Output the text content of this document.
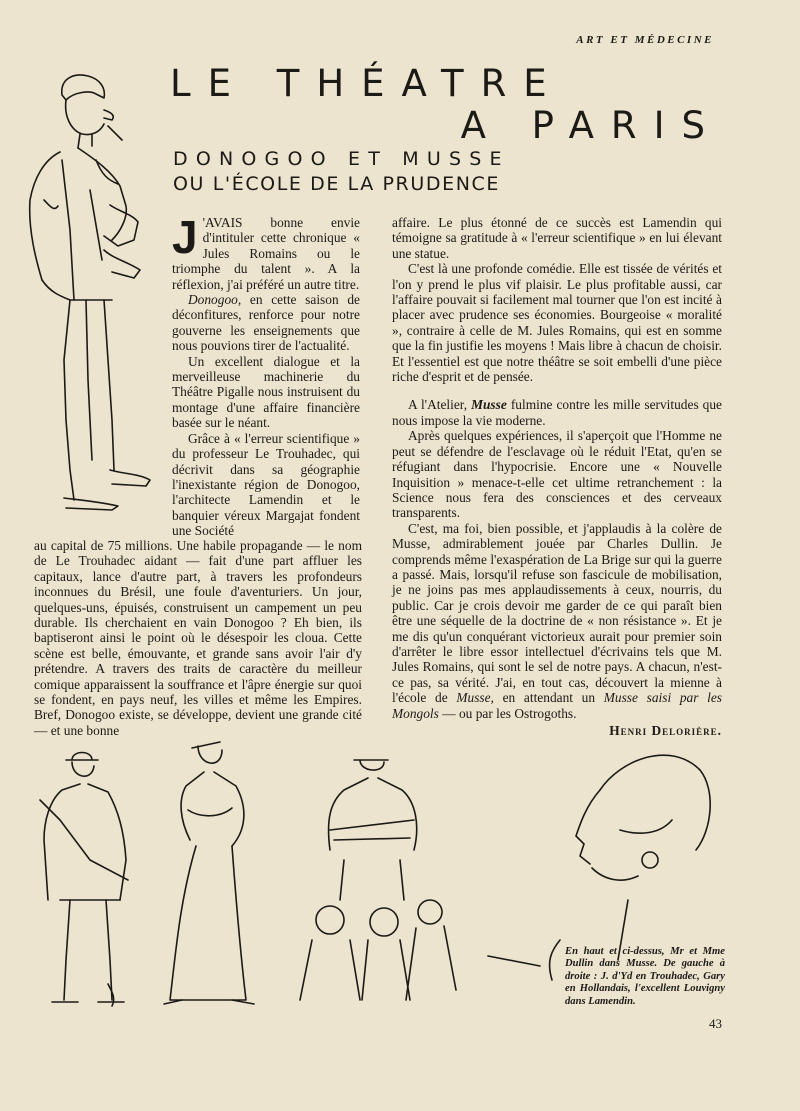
ART ET MÉDECINE
LE THÉATRE
A PARIS
DONOGOO ET MUSSE
OU L'ÉCOLE DE LA PRUDENCE
J 'AVAIS bonne envie d'intituler cette chronique « Jules Romains ou le triomphe du talent ». A la réflexion, j'ai préféré un autre titre.

Donogoo, en cette saison de déconfitures, renforce pour notre gouverne les enseignements que nous pouvions tirer de l'actualité.

Un excellent dialogue et la merveilleuse machinerie du Théâtre Pigalle nous instruisent du montage d'une affaire financière basée sur le néant.

Grâce à « l'erreur scientifique » du professeur Le Trouhadec, qui décrivit dans sa géographie l'inexistante région de Donogoo, l'architecte Lamendin et le banquier véreux Margajat fondent une Société

au capital de 75 millions. Une habile propagande — le nom de Le Trouhadec aidant — fait d'une part affluer les capitaux, lance d'autre part, à travers les profondeurs inconnues du Brésil, une foule d'aventuriers. Un jour, quelques-uns, épuisés, construisent un campement un peu durable. Ils cherchaient en vain Donogoo ? Eh bien, ils baptiseront ainsi le point où le désespoir les cloua. Cette scène est belle, émouvante, et grande sans avoir l'air d'y prétendre. A travers des traits de caractère du meilleur comique apparaissent la souffrance et l'âpre énergie sur quoi se fondent, en pays neuf, les villes et même les Empires. Bref, Donogoo existe, se développe, devient une grande cité — et une bonne

affaire. Le plus étonné de ce succès est Lamendin qui témoigne sa gratitude à « l'erreur scientifique » en lui élevant une statue.

C'est là une profonde comédie. Elle est tissée de vérités et l'on y prend le plus vif plaisir. Le plus profitable aussi, car l'affaire pouvait si facilement mal tourner que l'on est incité à placer avec prudence ses économies. Bourgeoise « moralité », contraire à celle de M. Jules Romains, qui est en somme que la fin justifie les moyens ! Mais libre à chacun de choisir. Et l'essentiel est que notre théâtre se soit embelli d'une pièce riche d'esprit et de pensée.

A l'Atelier, Musse fulmine contre les mille servitudes que nous impose la vie moderne.

Après quelques expériences, il s'aperçoit que l'Homme ne peut se défendre de l'esclavage où le réduit l'Etat, qu'en se réfugiant dans l'hypocrisie. Encore une « Nouvelle Inquisition » menace-t-elle cet ultime retranchement : la Science nous fera des consciences et des cerveaux transparents.

C'est, ma foi, bien possible, et j'applaudis à la colère de Musse, admirablement jouée par Charles Dullin. Je comprends même l'exaspération de La Brige sur qui la guerre a passé. Mais, lorsqu'il refuse son fascicule de mobilisation, je ne joins pas mes applaudissements à ceux, nourris, du public. Car je crois devoir me garder de ce qui paraît bien être une séquelle de la doctrine de « non résistance ». Et je me dis qu'un conquérant victorieux aurait pour premier soin d'arrêter le libre essor intellectuel d'écrivains tels que M. Jules Romains, qui sont le sel de notre pays. A chacun, n'est-ce pas, sa vérité. J'ai, en tout cas, découvert la mienne à l'école de Musse, en attendant un Musse saisi par les Mongols — ou par les Ostrogoths.

Henri Delorière.

En haut et ci-dessus, Mr et Mme Dullin dans Musse. De gauche à droite : J. d'Yd en Trouhadec, Gary en Hollandais, l'excellent Louvigny dans Lamendin.

43
